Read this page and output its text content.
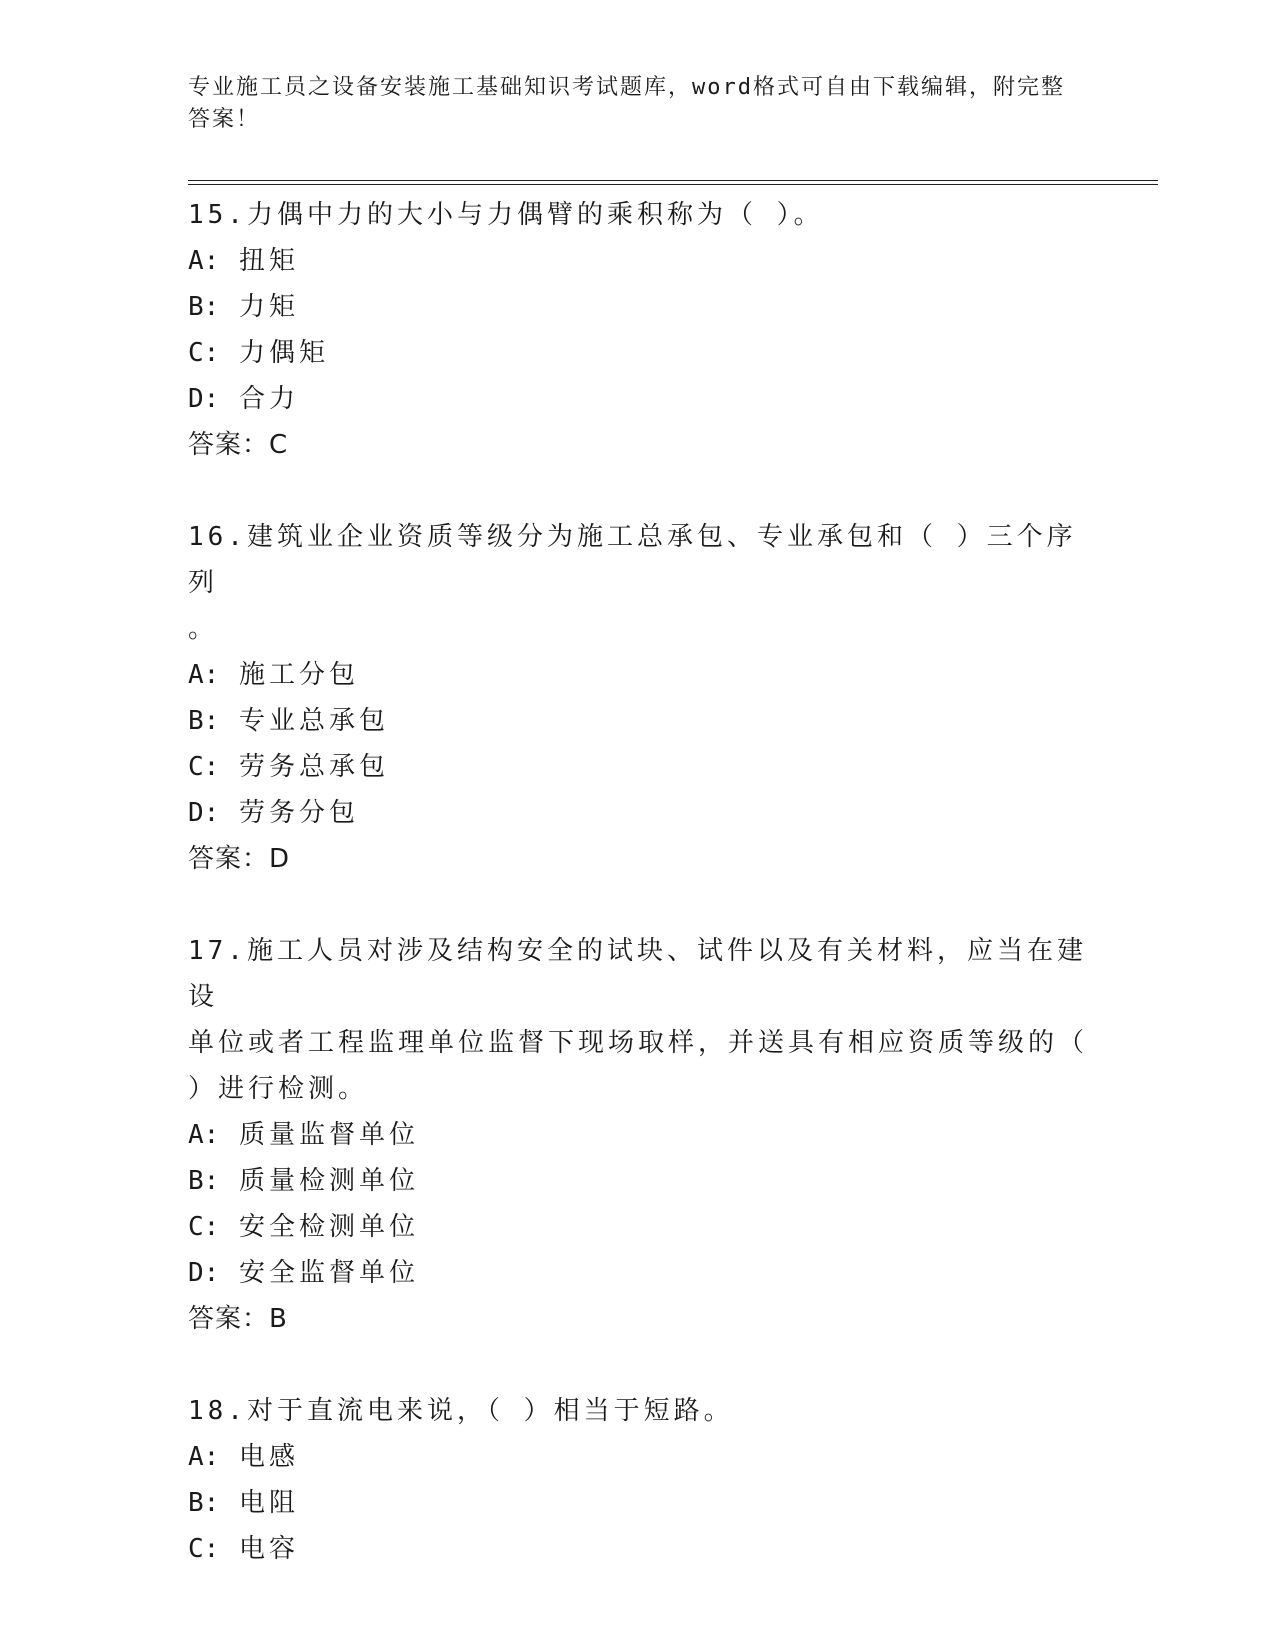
专业施工员之设备安装施工基础知识考试题库，word格式可自由下载编辑，附完整答案！

15.力偶中力的大小与力偶臂的乘积称为（ ）。

A: 扭矩

B: 力矩

C: 力偶矩

D: 合力

答案：C

16.建筑业企业资质等级分为施工总承包、专业承包和（ ）三个序列

。

A: 施工分包

B: 专业总承包

C: 劳务总承包

D: 劳务分包

答案：D

17.施工人员对涉及结构安全的试块、试件以及有关材料，应当在建设

单位或者工程监理单位监督下现场取样，并送具有相应资质等级的（

）进行检测。

A: 质量监督单位

B: 质量检测单位

C: 安全检测单位

D: 安全监督单位

答案：B

18.对于直流电来说，（ ）相当于短路。

A: 电感

B: 电阻

C: 电容
